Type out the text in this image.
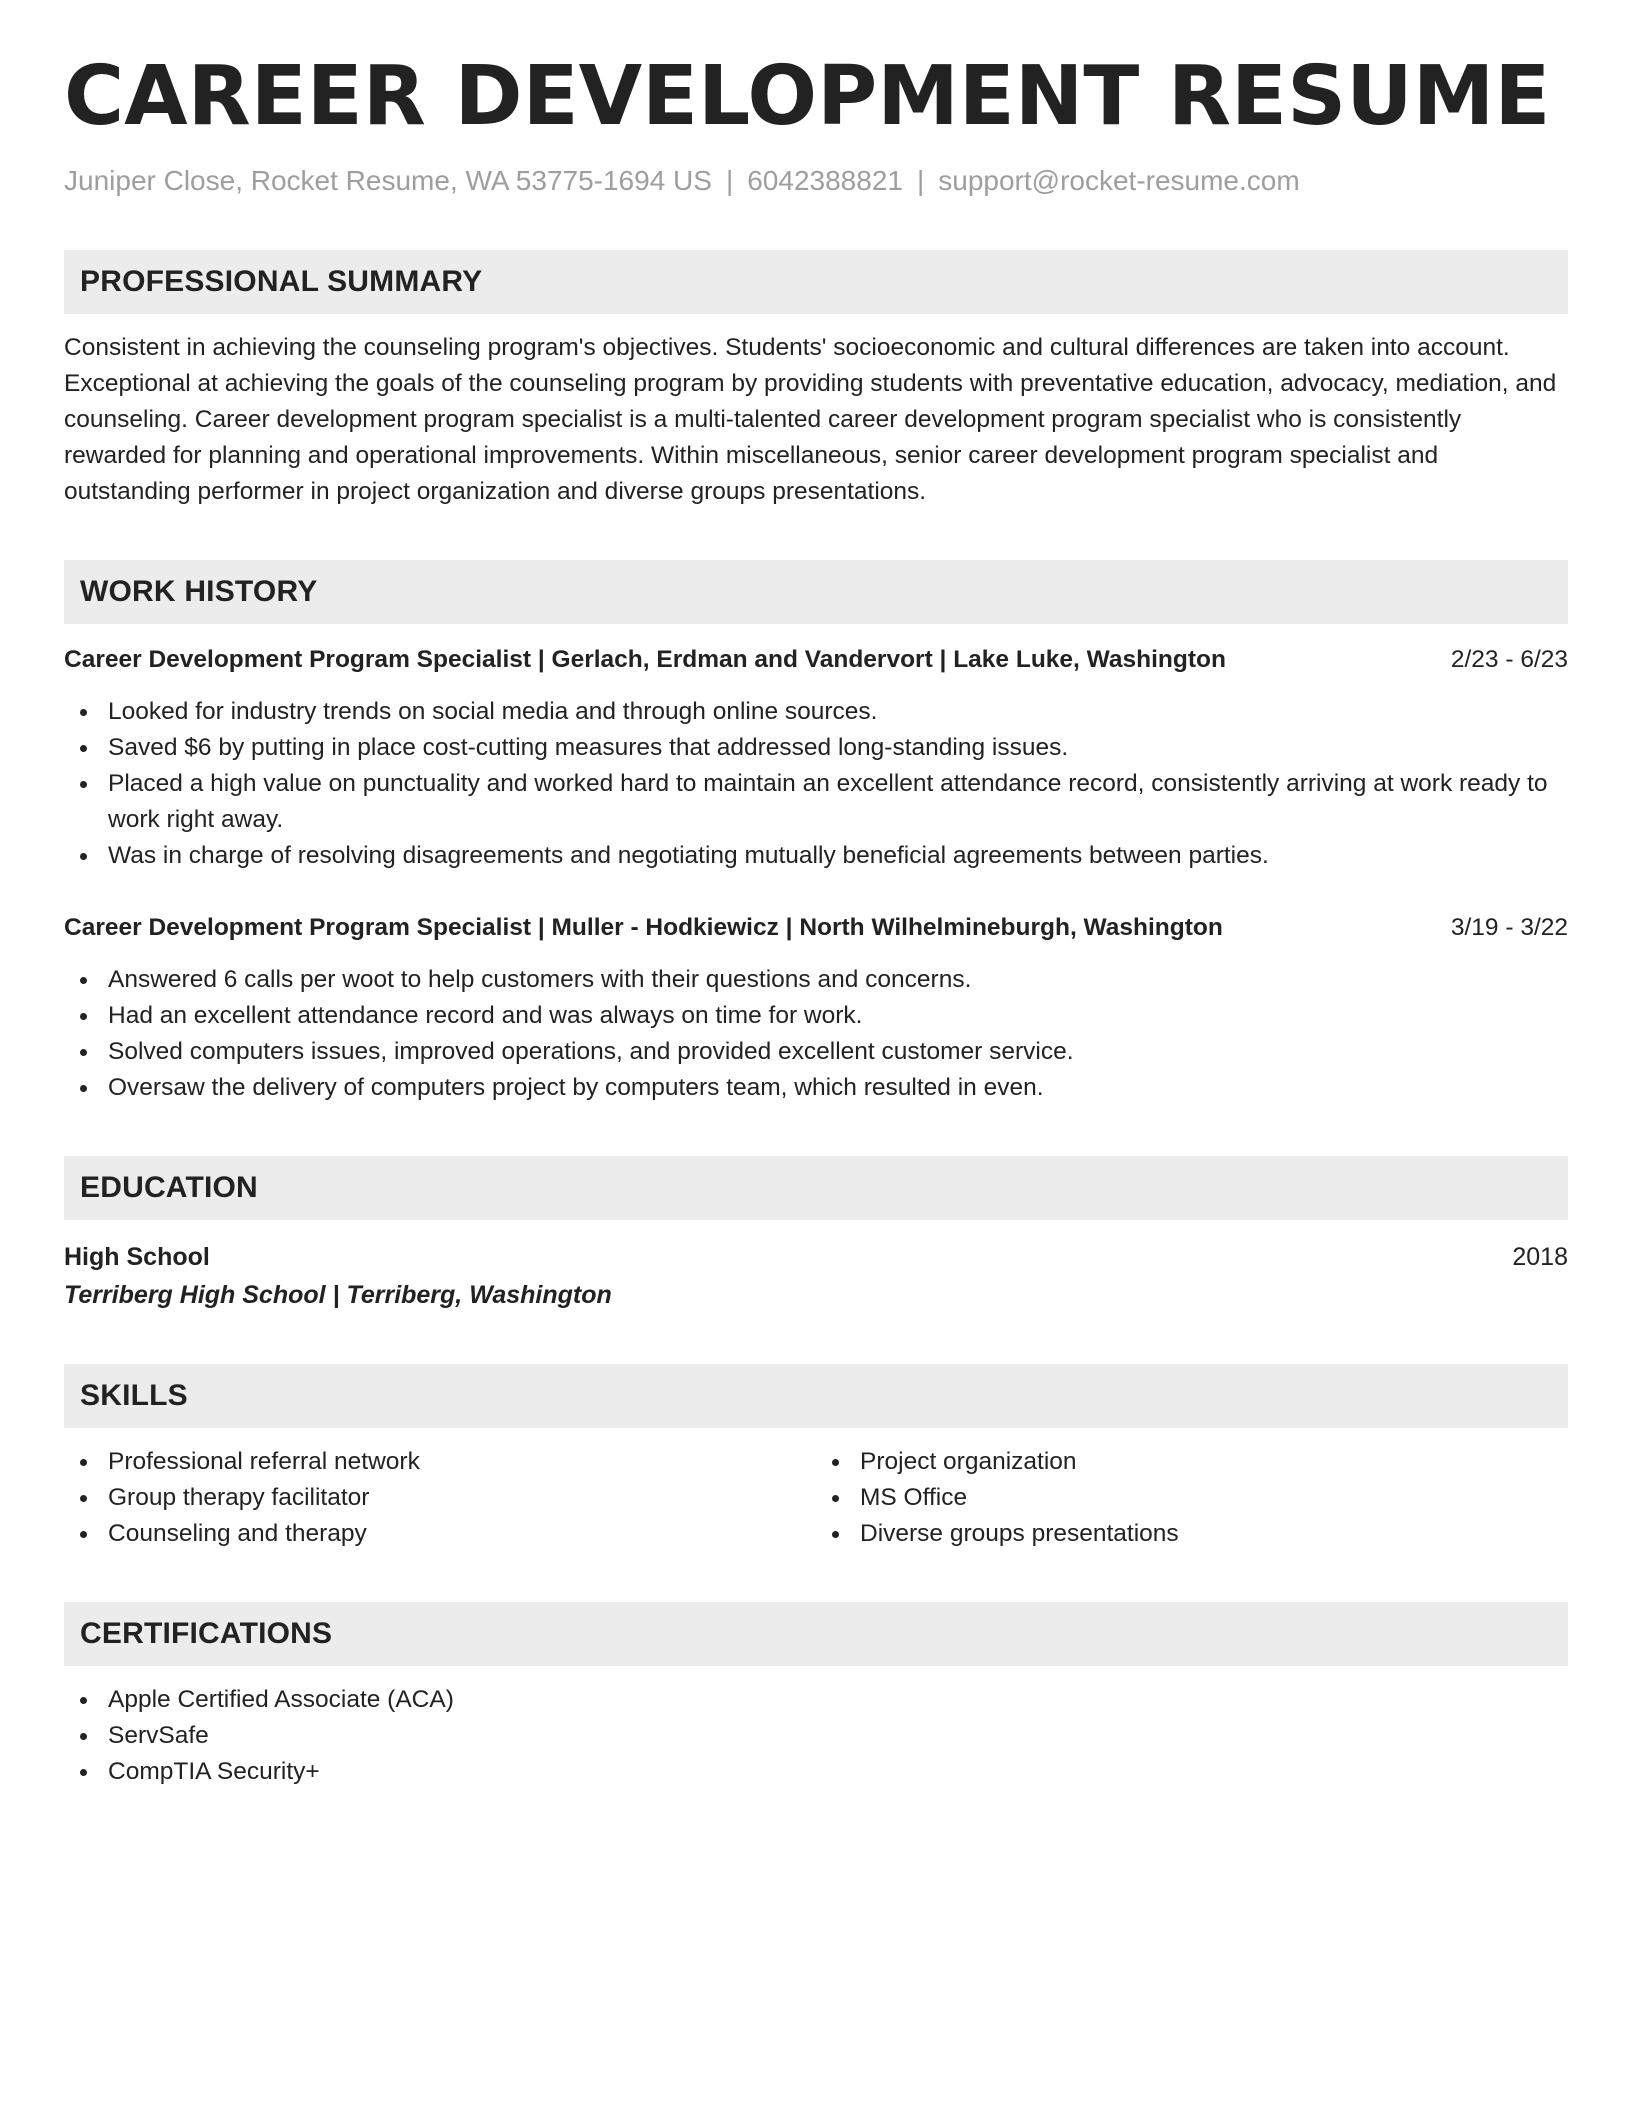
CAREER DEVELOPMENT RESUME
Juniper Close, Rocket Resume, WA 53775-1694 US | 6042388821 | support@rocket-resume.com
PROFESSIONAL SUMMARY

Consistent in achieving the counseling program's objectives. Students' socioeconomic and cultural differences are taken into account. Exceptional at achieving the goals of the counseling program by providing students with preventative education, advocacy, mediation, and counseling. Career development program specialist is a multi-talented career development program specialist who is consistently rewarded for planning and operational improvements. Within miscellaneous, senior career development program specialist and outstanding performer in project organization and diverse groups presentations.

WORK HISTORY
Career Development Program Specialist | Gerlach, Erdman and Vandervort | Lake Luke, Washington	2/23 - 6/23
Looked for industry trends on social media and through online sources.
Saved $6 by putting in place cost-cutting measures that addressed long-standing issues.
Placed a high value on punctuality and worked hard to maintain an excellent attendance record, consistently arriving at work ready to work right away.
Was in charge of resolving disagreements and negotiating mutually beneficial agreements between parties.
Career Development Program Specialist | Muller - Hodkiewicz | North Wilhelmineburgh, Washington	3/19 - 3/22
Answered 6 calls per woot to help customers with their questions and concerns.
Had an excellent attendance record and was always on time for work.
Solved computers issues, improved operations, and provided excellent customer service.
Oversaw the delivery of computers project by computers team, which resulted in even.
EDUCATION
High School	2018
Terriberg High School | Terriberg, Washington
SKILLS
Professional referral network
Group therapy facilitator
Counseling and therapy
Project organization
MS Office
Diverse groups presentations
CERTIFICATIONS
Apple Certified Associate (ACA)
ServSafe
CompTIA Security+
